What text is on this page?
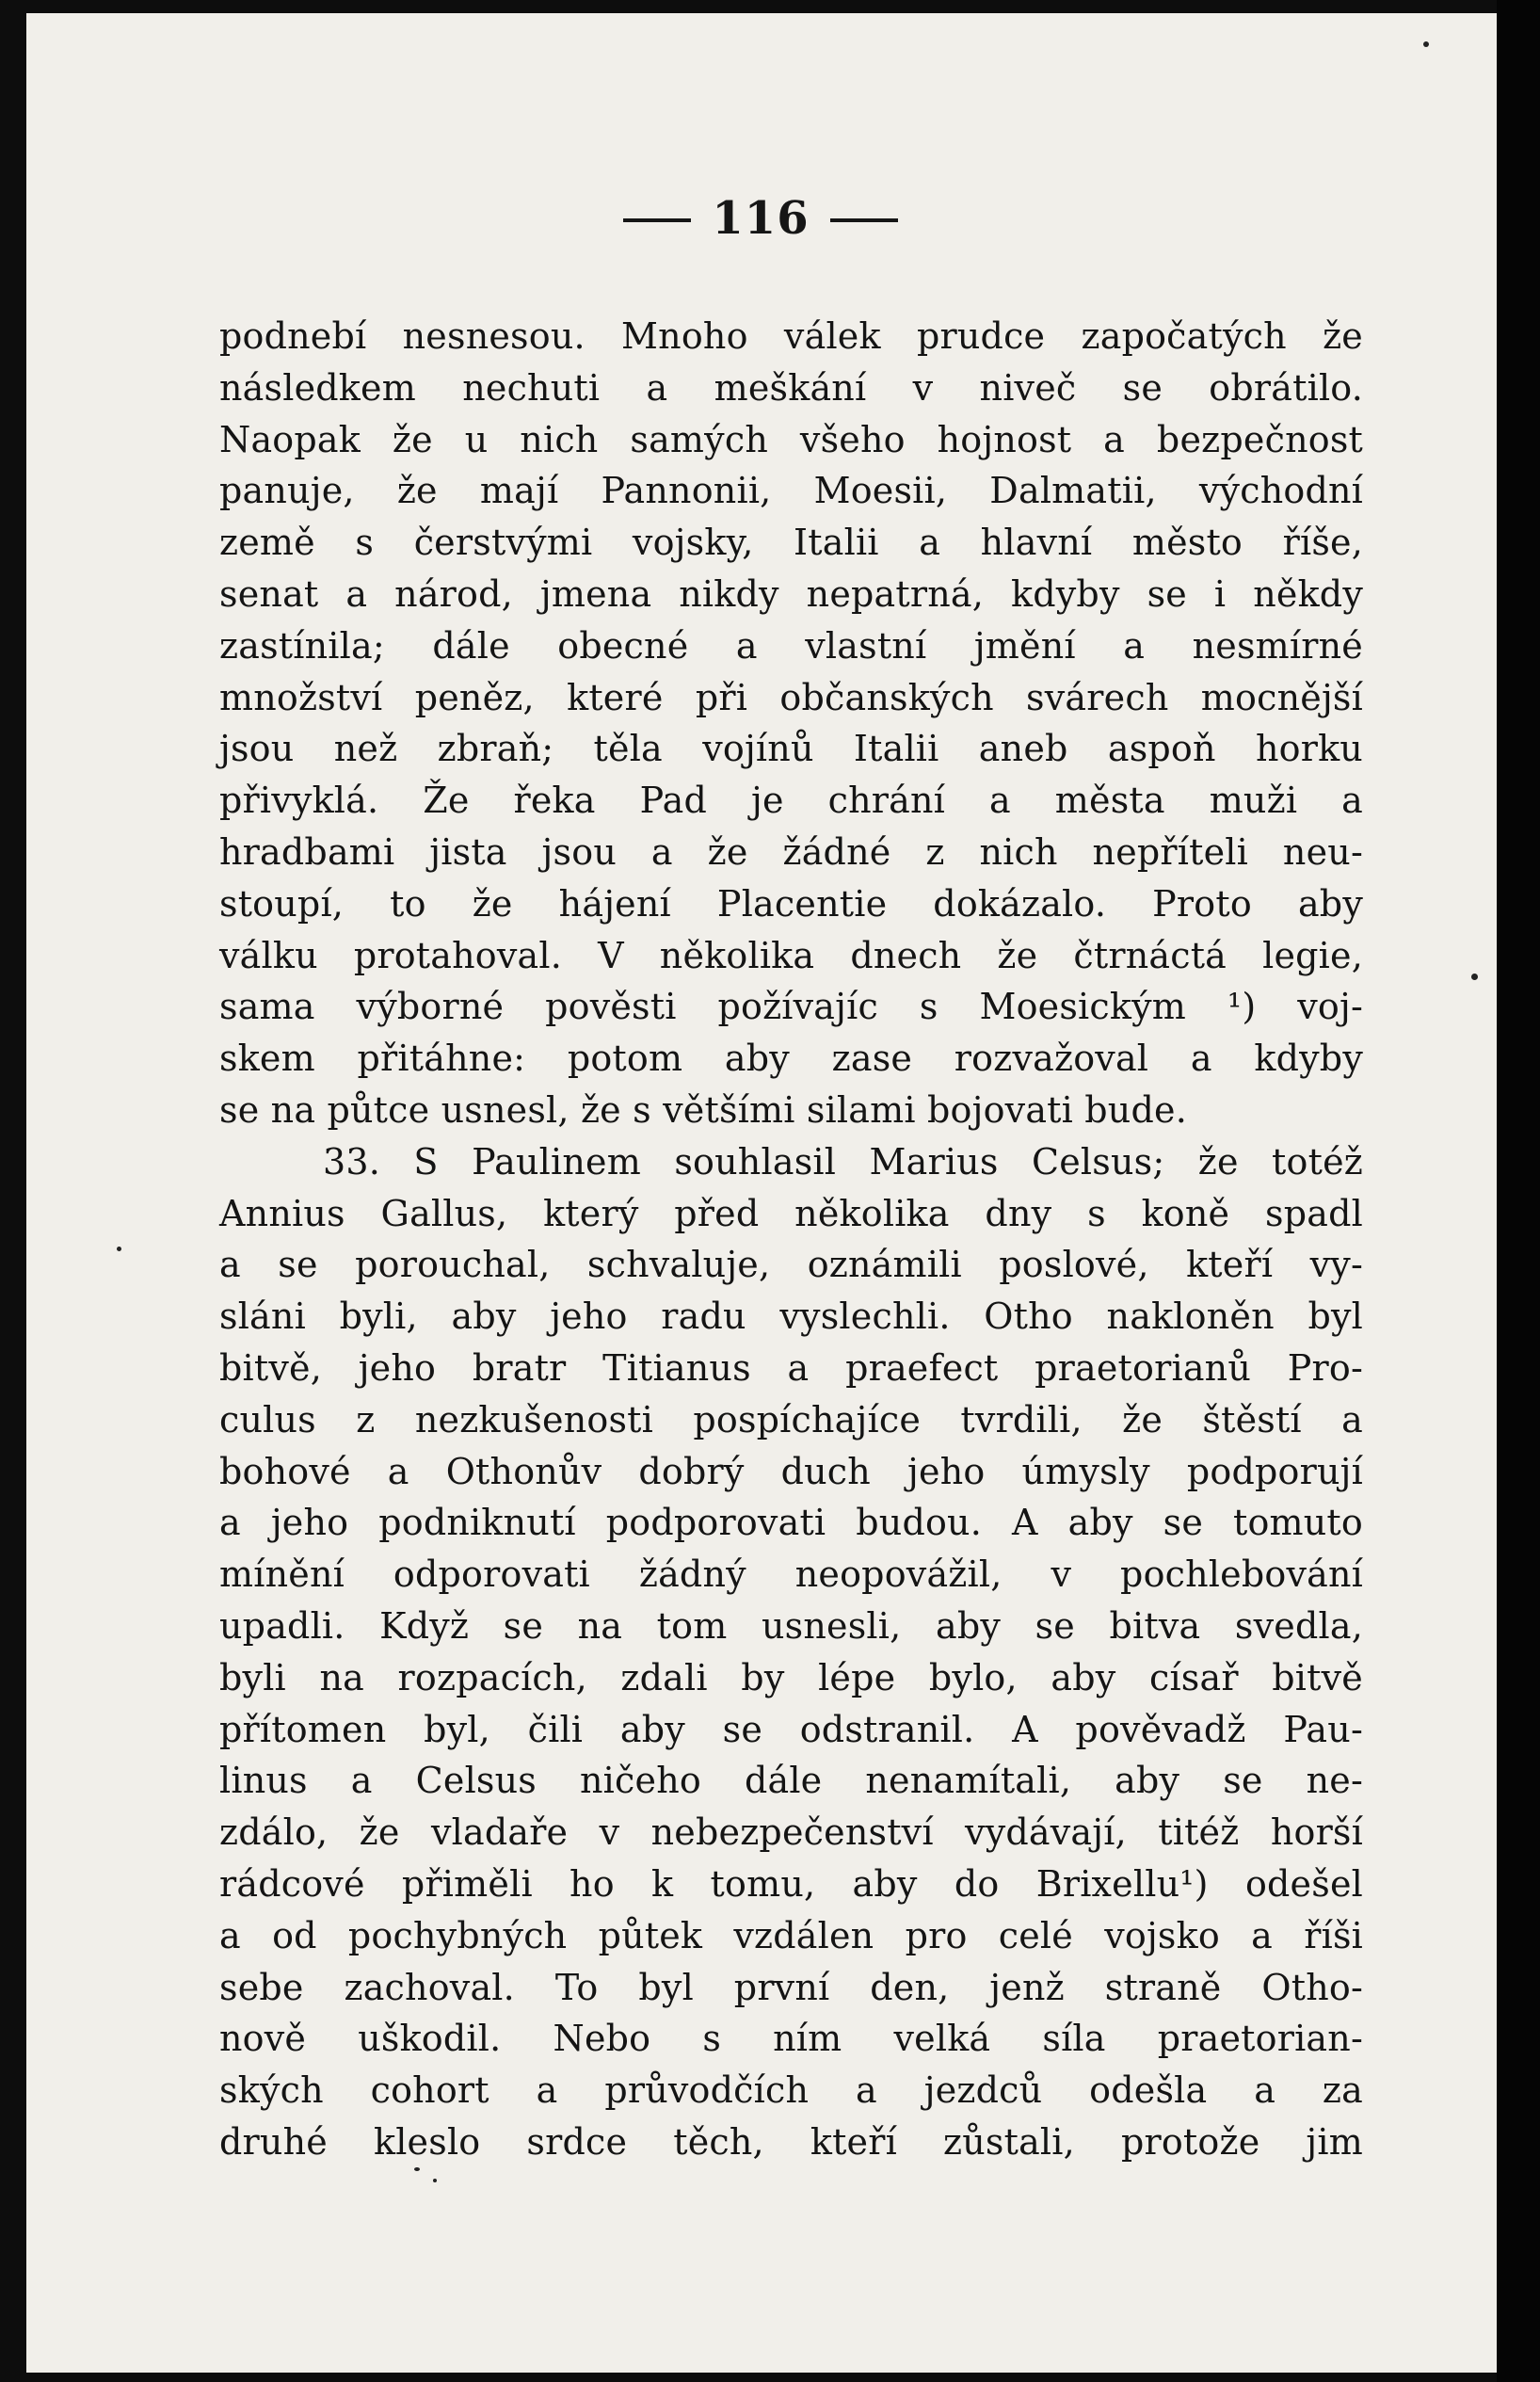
116
podnebí nesnesou. Mnoho válek prudce započatých že
následkem nechuti a meškání v niveč se obrátilo.
Naopak že u nich samých všeho hojnost a bezpečnost
panuje, že mají Pannonii, Moesii, Dalmatii, východní
země s čerstvými vojsky, Italii a hlavní město říše,
senat a národ, jmena nikdy nepatrná, kdyby se i někdy
zastínila; dále obecné a vlastní jmění a nesmírné
množství peněz, které při občanských svárech mocnější
jsou než zbraň; těla vojínů Italii aneb aspoň horku
přivyklá. Že řeka Pad je chrání a města muži a
hradbami jista jsou a že žádné z nich nepříteli neu-
stoupí, to že hájení Placentie dokázalo. Proto aby
válku protahoval. V několika dnech že čtrnáctá legie,
sama výborné pověsti požívajíc s Moesickým ¹) voj-
skem přitáhne: potom aby zase rozvažoval a kdyby
se na půtce usnesl, že s většími silami bojovati bude.
33. S Paulinem souhlasil Marius Celsus; že totéž
Annius Gallus, který před několika dny s koně spadl
a se porouchal, schvaluje, oznámili poslové, kteří vy-
sláni byli, aby jeho radu vyslechli. Otho nakloněn byl
bitvě, jeho bratr Titianus a praefect praetorianů Pro-
culus z nezkušenosti pospíchajíce tvrdili, že štěstí a
bohové a Othonův dobrý duch jeho úmysly podporují
a jeho podniknutí podporovati budou. A aby se tomuto
mínění odporovati žádný neopovážil, v pochlebování
upadli. Když se na tom usnesli, aby se bitva svedla,
byli na rozpacích, zdali by lépe bylo, aby císař bitvě
přítomen byl, čili aby se odstranil. A pověvadž Pau-
linus a Celsus ničeho dále nenamítali, aby se ne-
zdálo, že vladaře v nebezpečenství vydávají, titéž horší
rádcové přiměli ho k tomu, aby do Brixellu¹) odešel
a od pochybných půtek vzdálen pro celé vojsko a říši
sebe zachoval. To byl první den, jenž straně Otho-
nově uškodil. Nebo s ním velká síla praetorian-
ských cohort a průvodčích a jezdců odešla a za
druhé kleslo srdce těch, kteří zůstali, protože jim
